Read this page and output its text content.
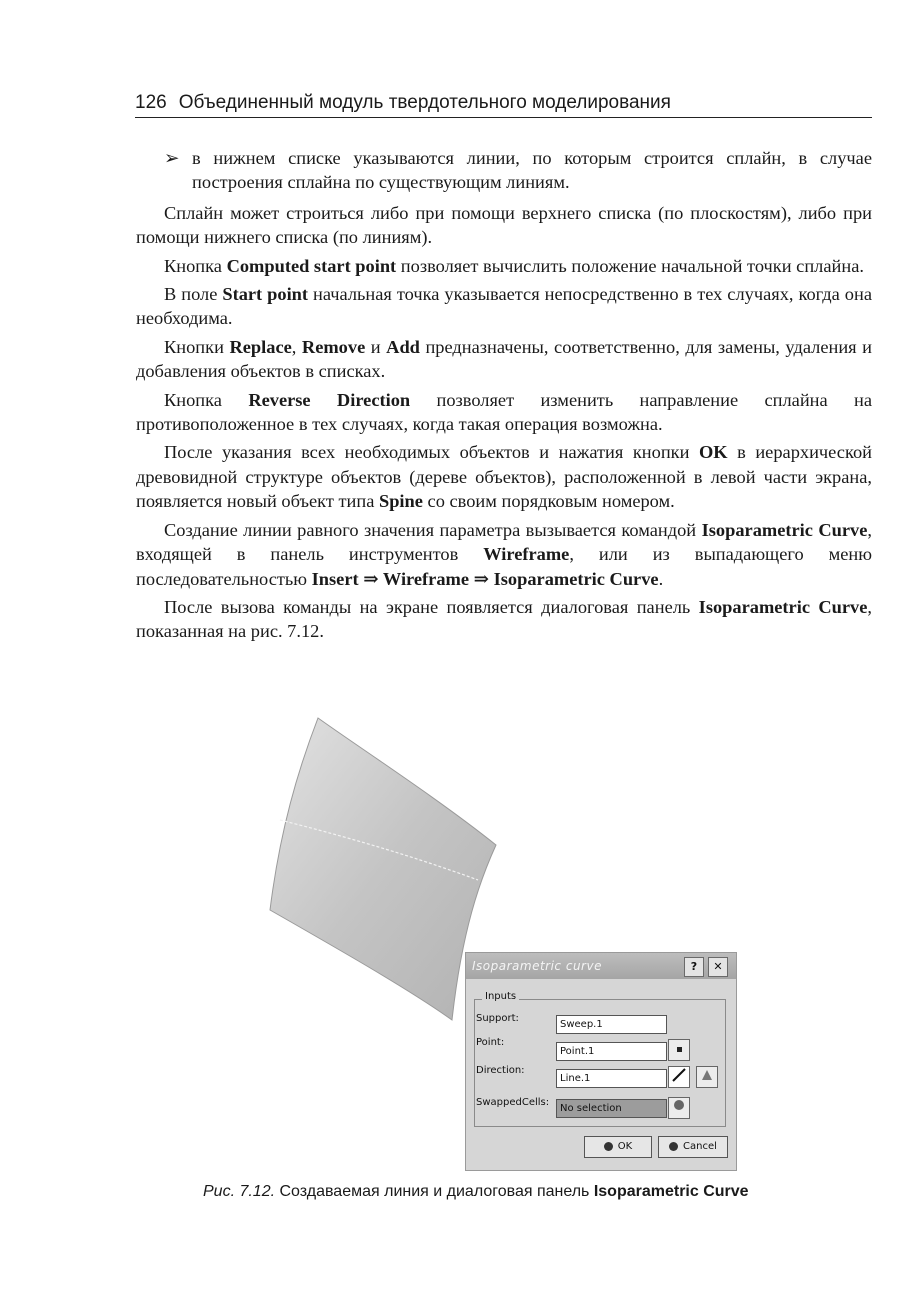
126 Объединенный модуль твердотельного моделирования
➢ в нижнем списке указываются линии, по которым строится сплайн, в случае построения сплайна по существующим линиям.

Сплайн может строиться либо при помощи верхнего списка (по плоскостям), либо при помощи нижнего списка (по линиям).

Кнопка Computed start point позволяет вычислить положение начальной точки сплайна.

В поле Start point начальная точка указывается непосредственно в тех случаях, когда она необходима.

Кнопки Replace, Remove и Add предназначены, соответственно, для замены, удаления и добавления объектов в списках.

Кнопка Reverse Direction позволяет изменить направление сплайна на противоположенное в тех случаях, когда такая операция возможна.

После указания всех необходимых объектов и нажатия кнопки OK в иерархической древовидной структуре объектов (дереве объектов), расположенной в левой части экрана, появляется новый объект типа Spine со своим порядковым номером.

Создание линии равного значения параметра вызывается командой Isoparametric Curve, входящей в панель инструментов Wireframe, или из выпадающего меню последовательностью Insert ⇒ Wireframe ⇒ Isoparametric Curve.

После вызова команды на экране появляется диалоговая панель Isoparametric Curve, показанная на рис. 7.12.

Isoparametric curve	?	✕
Inputs
Support:
Sweep.1
Point:
Point.1
Direction:
Line.1
SwappedCells:
No selection
OK	Cancel
Рис. 7.12. Создаваемая линия и диалоговая панель Isoparametric Curve
